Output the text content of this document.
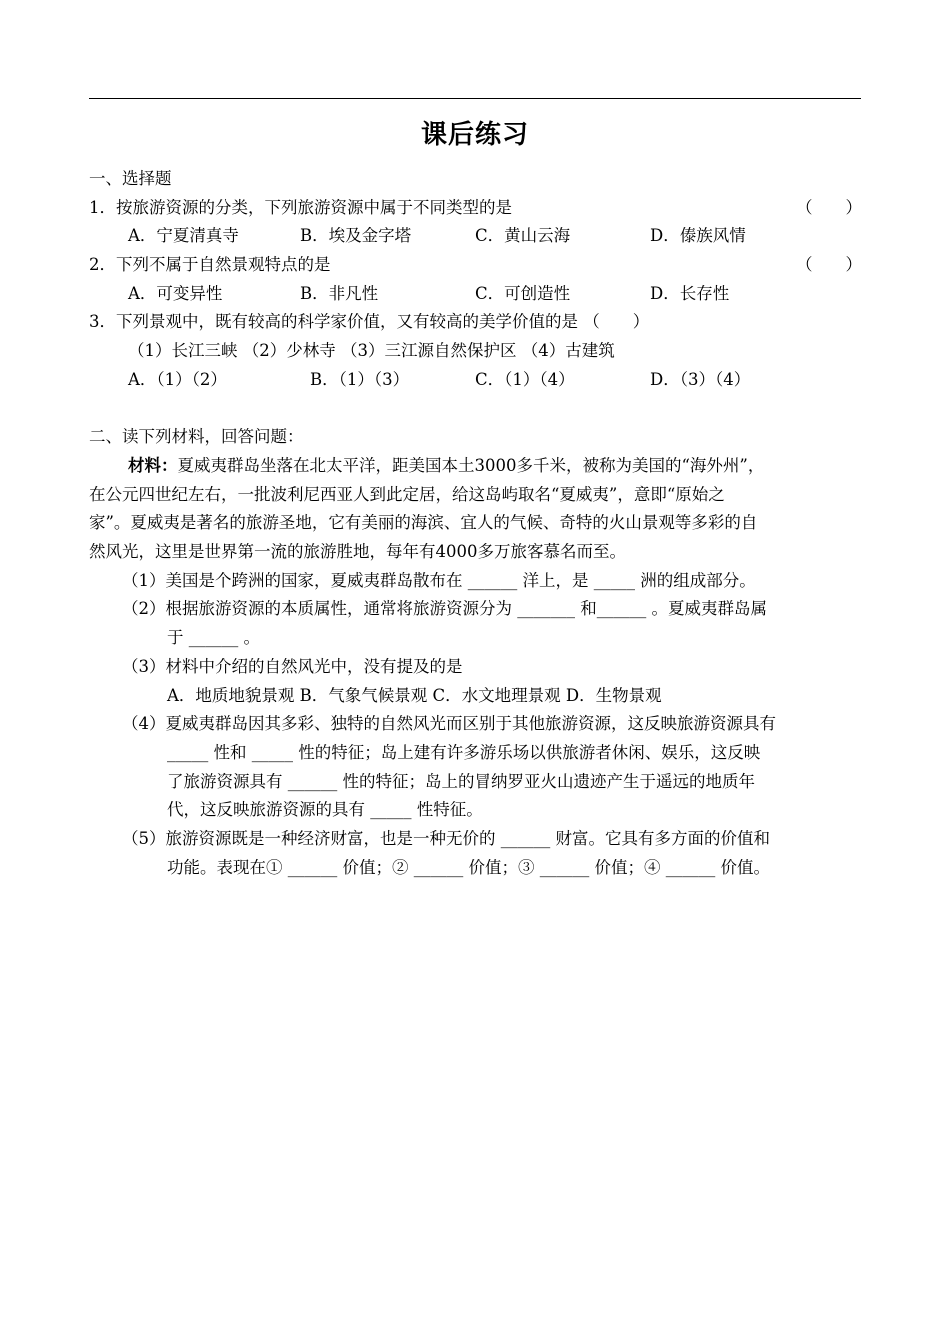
课后练习
一、选择题
1．按旅游资源的分类，下列旅游资源中属于不同类型的是	（　　）
A．宁夏清真寺	B．埃及金字塔	C．黄山云海	D．傣族风情
2．下列不属于自然景观特点的是	（　　）
A．可变异性	B．非凡性	C．可创造性	D．长存性
3．下列景观中，既有较高的科学家价值，又有较高的美学价值的是 （　　）
（1）长江三峡 （2）少林寺 （3）三江源自然保护区 （4）古建筑
A．（1）（2）	B．（1）（3）	C．（1）（4）	D．（3）（4）
二、读下列材料，回答问题：
材料：夏威夷群岛坐落在北太平洋，距美国本土3000多千米，被称为美国的“海外州”，
在公元四世纪左右，一批波利尼西亚人到此定居，给这岛屿取名“夏威夷”，意即“原始之
家”。夏威夷是著名的旅游圣地，它有美丽的海滨、宜人的气候、奇特的火山景观等多彩的自
然风光，这里是世界第一流的旅游胜地，每年有4000多万旅客慕名而至。
（1）美国是个跨洲的国家，夏威夷群岛散布在 ______ 洋上，是 _____ 洲的组成部分。
（2）根据旅游资源的本质属性，通常将旅游资源分为 _______ 和______ 。夏威夷群岛属
于 ______ 。
（3）材料中介绍的自然风光中，没有提及的是
A．地质地貌景观 B．气象气候景观 C．水文地理景观 D．生物景观
（4）夏威夷群岛因其多彩、独特的自然风光而区别于其他旅游资源，这反映旅游资源具有
_____ 性和 _____ 性的特征；岛上建有许多游乐场以供旅游者休闲、娱乐，这反映
了旅游资源具有 ______ 性的特征；岛上的冒纳罗亚火山遗迹产生于遥远的地质年
代，这反映旅游资源的具有 _____ 性特征。
（5）旅游资源既是一种经济财富，也是一种无价的 ______ 财富。它具有多方面的价值和
功能。表现在① ______ 价值；② ______ 价值；③ ______ 价值；④ ______ 价值。
